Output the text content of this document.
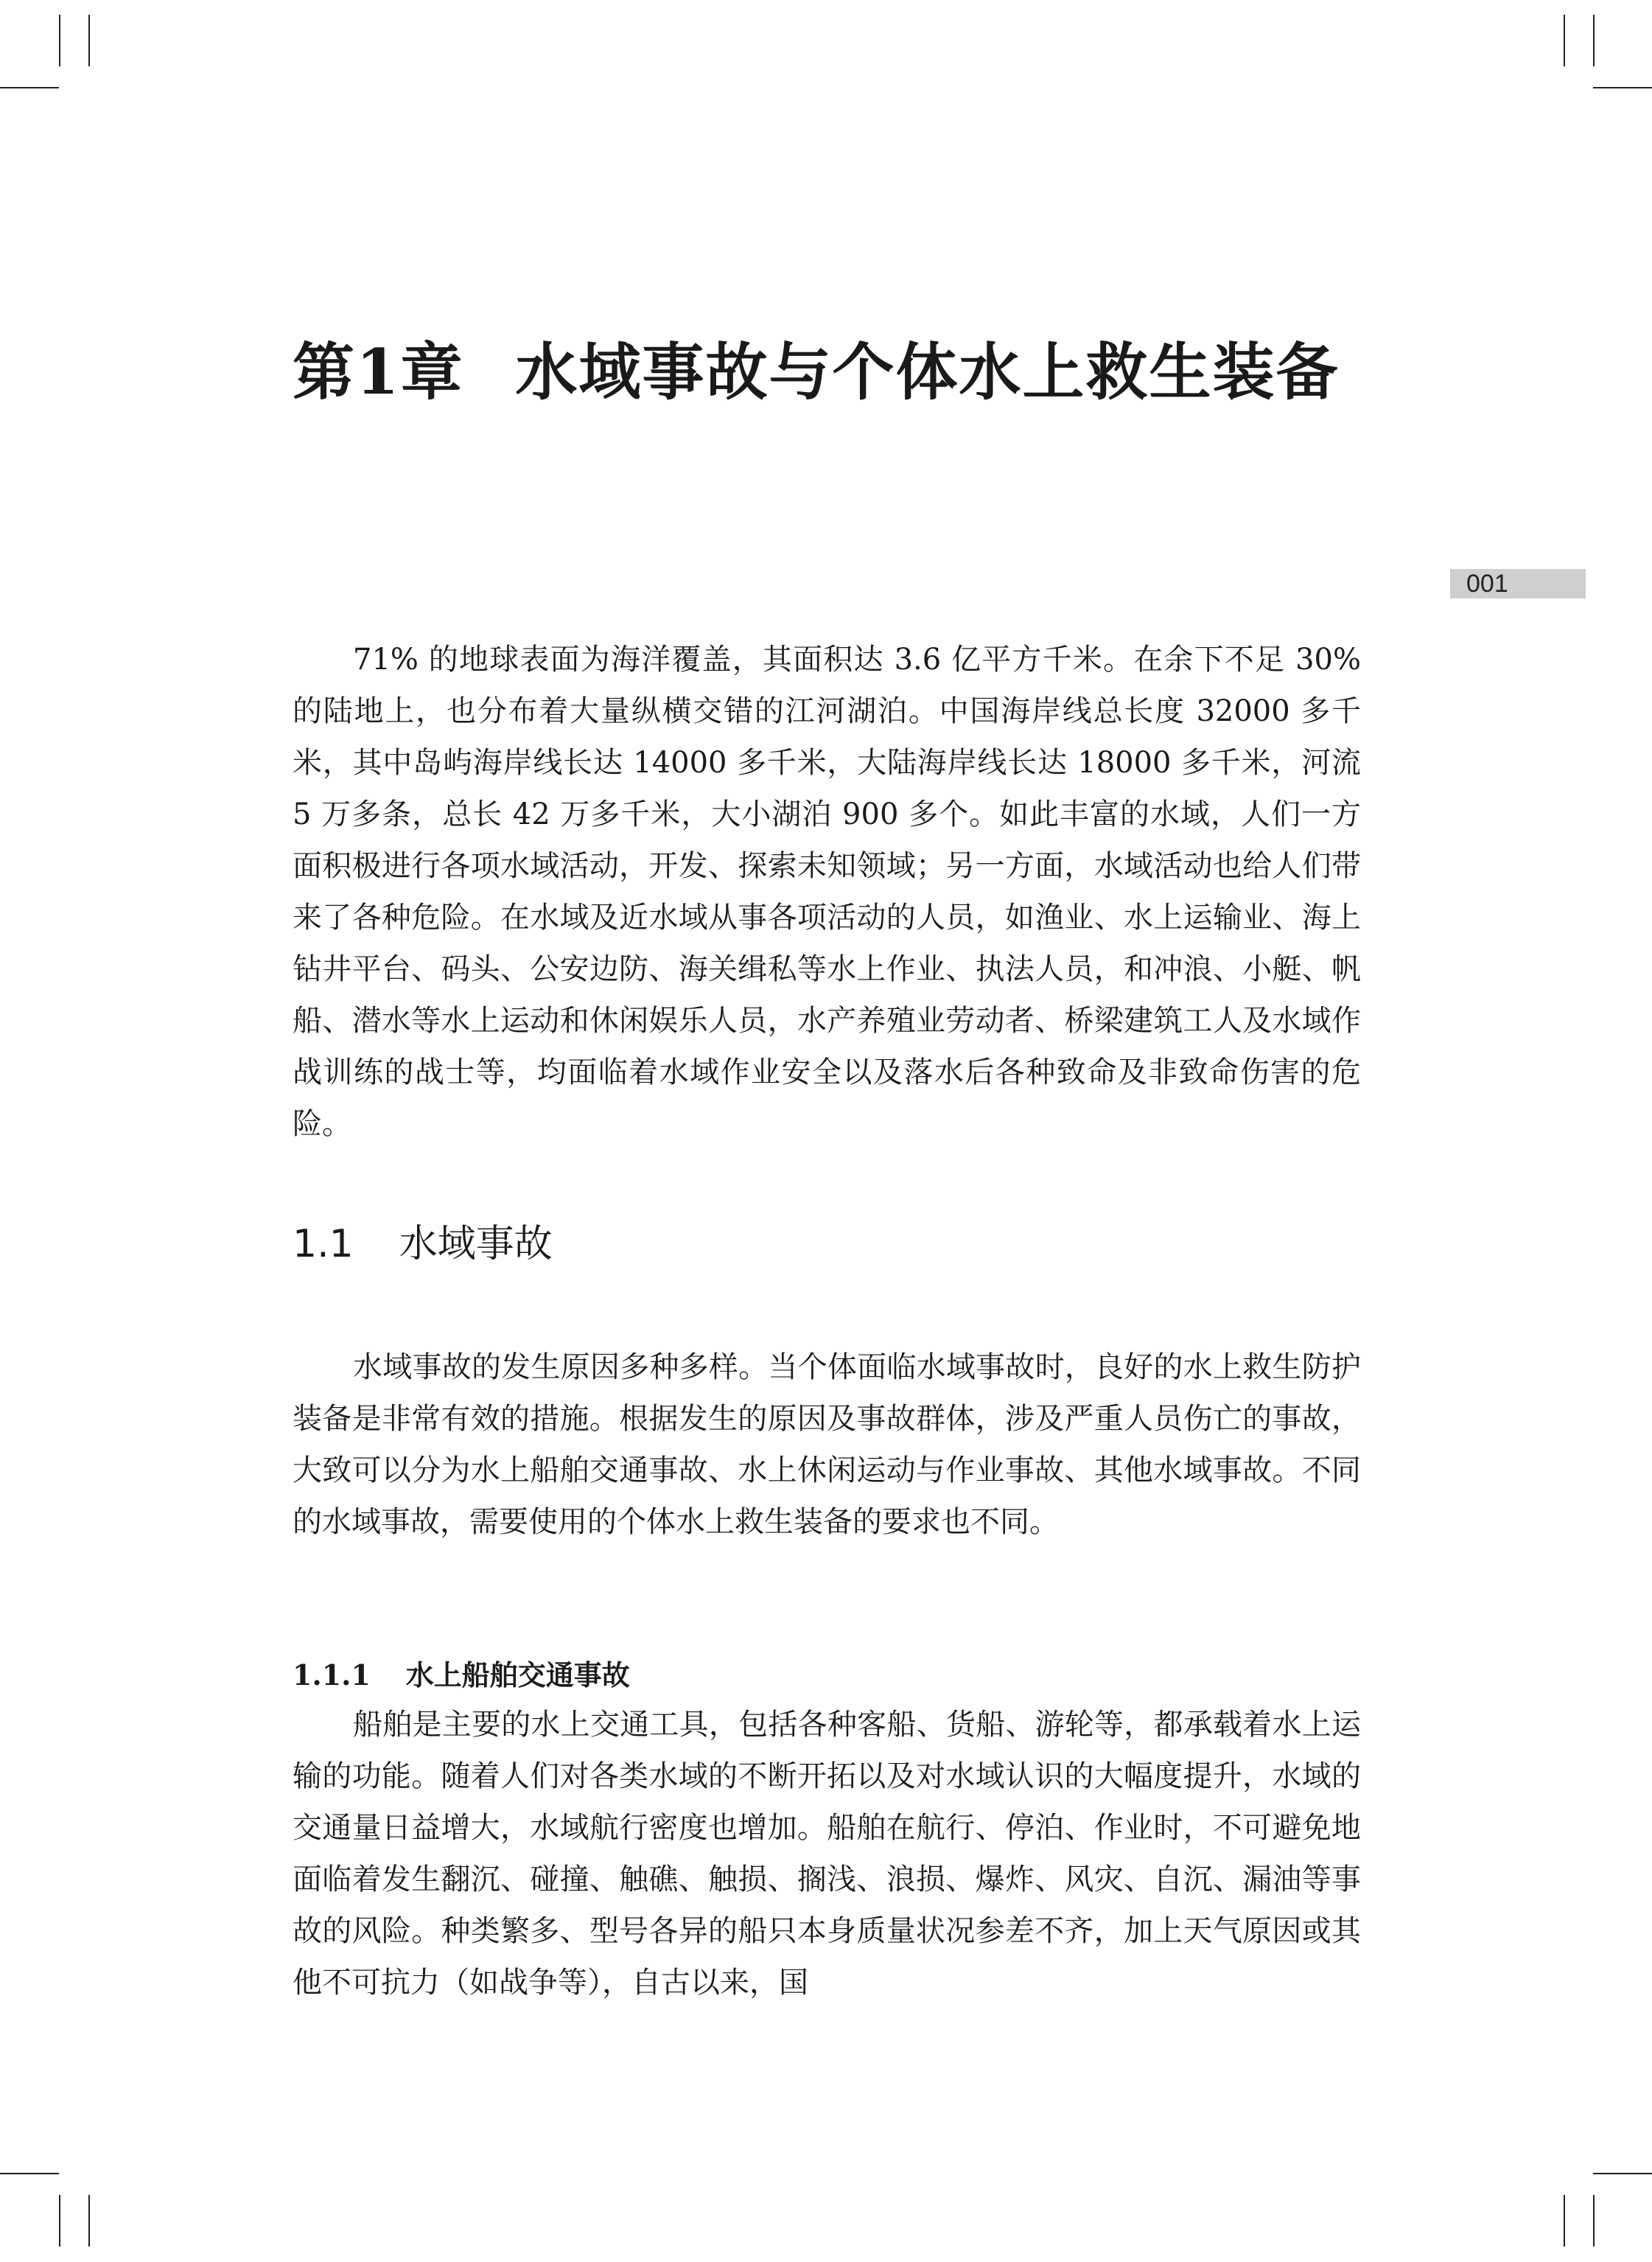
第1章 水域事故与个体水上救生装备
001

71% 的地球表面为海洋覆盖，其面积达 3.6 亿平方千米。在余下不足 30%的陆地上，也分布着大量纵横交错的江河湖泊。中国海岸线总长度 32000 多千米，其中岛屿海岸线长达 14000 多千米，大陆海岸线长达 18000 多千米，河流 5 万多条，总长 42 万多千米，大小湖泊 900 多个。如此丰富的水域，人们一方面积极进行各项水域活动，开发、探索未知领域；另一方面，水域活动也给人们带来了各种危险。在水域及近水域从事各项活动的人员，如渔业、水上运输业、海上钻井平台、码头、公安边防、海关缉私等水上作业、执法人员，和冲浪、小艇、帆船、潜水等水上运动和休闲娱乐人员，水产养殖业劳动者、桥梁建筑工人及水域作战训练的战士等，均面临着水域作业安全以及落水后各种致命及非致命伤害的危险。

1.1 水域事故

水域事故的发生原因多种多样。当个体面临水域事故时，良好的水上救生防护装备是非常有效的措施。根据发生的原因及事故群体，涉及严重人员伤亡的事故，大致可以分为水上船舶交通事故、水上休闲运动与作业事故、其他水域事故。不同的水域事故，需要使用的个体水上救生装备的要求也不同。

1.1.1 水上船舶交通事故

船舶是主要的水上交通工具，包括各种客船、货船、游轮等，都承载着水上运输的功能。随着人们对各类水域的不断开拓以及对水域认识的大幅度提升，水域的交通量日益增大，水域航行密度也增加。船舶在航行、停泊、作业时，不可避免地面临着发生翻沉、碰撞、触礁、触损、搁浅、浪损、爆炸、风灾、自沉、漏油等事故的风险。种类繁多、型号各异的船只本身质量状况参差不齐，加上天气原因或其他不可抗力（如战争等），自古以来，国
